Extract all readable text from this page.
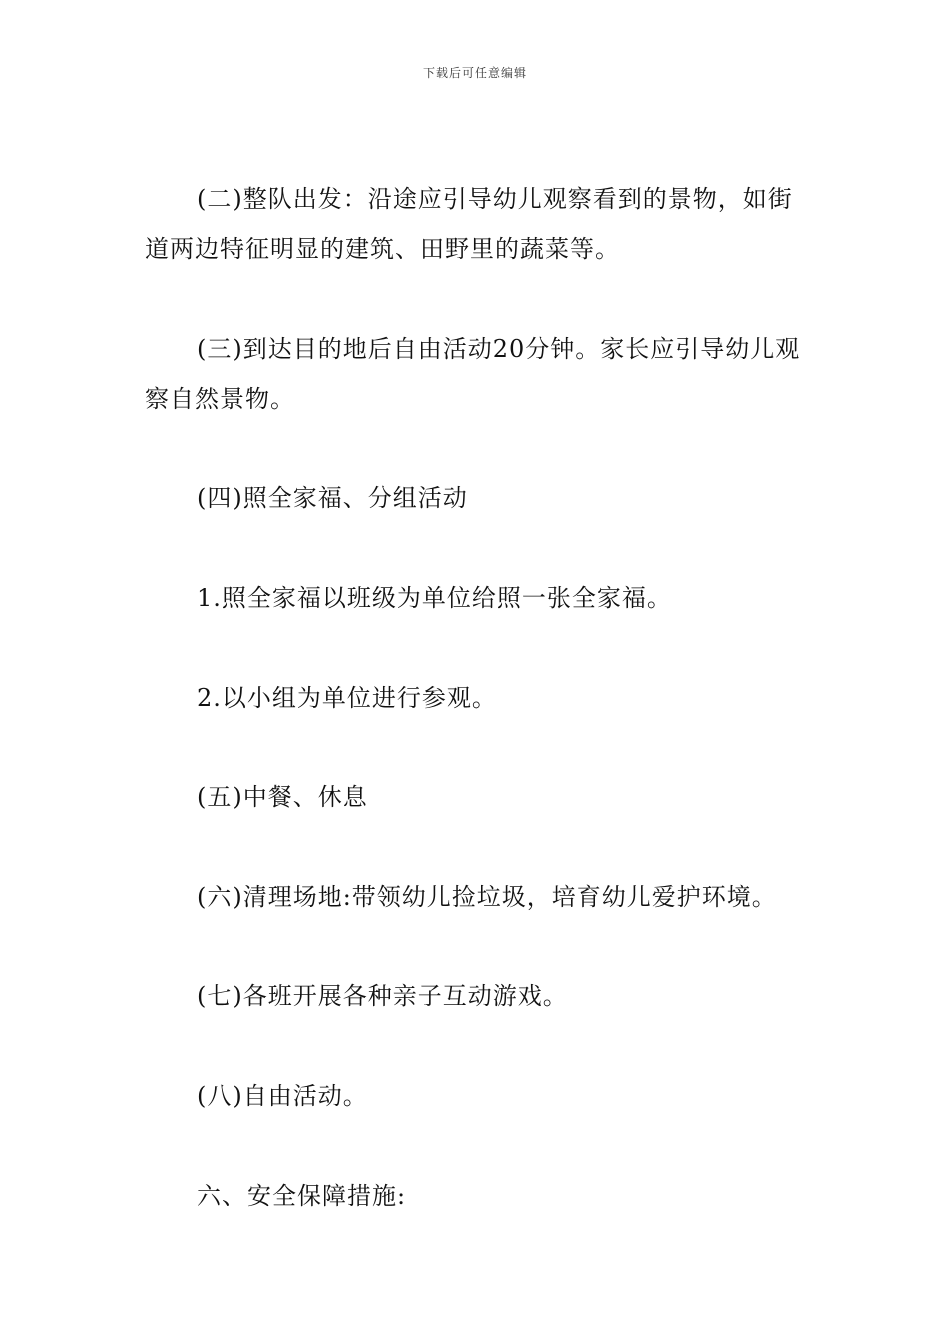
下载后可任意编辑

(二)整队出发：沿途应引导幼儿观察看到的景物，如街道两边特征明显的建筑、田野里的蔬菜等。

(三)到达目的地后自由活动20分钟。家长应引导幼儿观察自然景物。

(四)照全家福、分组活动

1.照全家福以班级为单位给照一张全家福。

2.以小组为单位进行参观。

(五)中餐、休息

(六)清理场地:带领幼儿捡垃圾，培育幼儿爱护环境。

(七)各班开展各种亲子互动游戏。

(八)自由活动。

六、安全保障措施:
